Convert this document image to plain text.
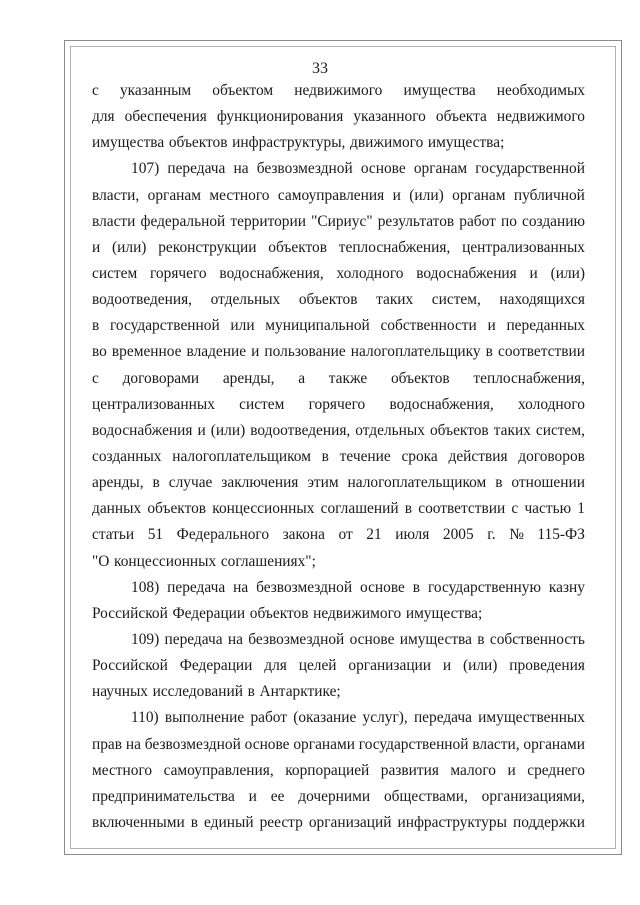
33
с указанным объектом недвижимого имущества необходимых
для обеспечения функционирования указанного объекта недвижимого
имущества объектов инфраструктуры, движимого имущества;
107) передача на безвозмездной основе органам государственной
власти, органам местного самоуправления и (или) органам публичной
власти федеральной территории "Сириус" результатов работ по созданию
и (или) реконструкции объектов теплоснабжения, централизованных
систем горячего водоснабжения, холодного водоснабжения и (или)
водоотведения, отдельных объектов таких систем, находящихся
в государственной или муниципальной собственности и переданных
во временное владение и пользование налогоплательщику в соответствии
с договорами аренды, а также объектов теплоснабжения,
централизованных систем горячего водоснабжения, холодного
водоснабжения и (или) водоотведения, отдельных объектов таких систем,
созданных налогоплательщиком в течение срока действия договоров
аренды, в случае заключения этим налогоплательщиком в отношении
данных объектов концессионных соглашений в соответствии с частью 1
статьи 51 Федерального закона от 21 июля 2005 г. № 115-ФЗ
"О концессионных соглашениях";
108) передача на безвозмездной основе в государственную казну
Российской Федерации объектов недвижимого имущества;
109) передача на безвозмездной основе имущества в собственность
Российской Федерации для целей организации и (или) проведения
научных исследований в Антарктике;
110) выполнение работ (оказание услуг), передача имущественных
прав на безвозмездной основе органами государственной власти, органами
местного самоуправления, корпорацией развития малого и среднего
предпринимательства и ее дочерними обществами, организациями,
включенными в единый реестр организаций инфраструктуры поддержки
